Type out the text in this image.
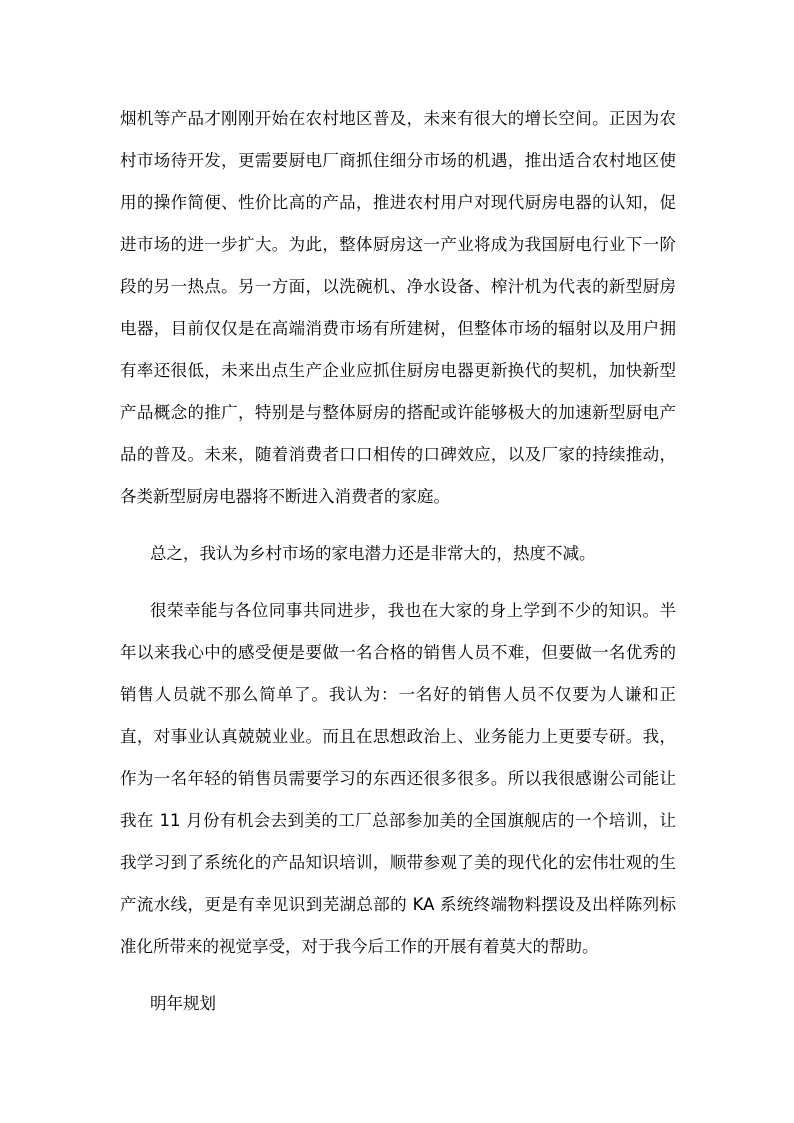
烟机等产品才刚刚开始在农村地区普及，未来有很大的增长空间。正因为农村市场待开发，更需要厨电厂商抓住细分市场的机遇，推出适合农村地区使用的操作简便、性价比高的产品，推进农村用户对现代厨房电器的认知，促进市场的进一步扩大。为此，整体厨房这一产业将成为我国厨电行业下一阶段的另一热点。另一方面，以洗碗机、净水设备、榨汁机为代表的新型厨房电器，目前仅仅是在高端消费市场有所建树，但整体市场的辐射以及用户拥有率还很低，未来出点生产企业应抓住厨房电器更新换代的契机，加快新型产品概念的推广，特别是与整体厨房的搭配或许能够极大的加速新型厨电产品的普及。未来，随着消费者口口相传的口碑效应，以及厂家的持续推动，各类新型厨房电器将不断进入消费者的家庭。

总之，我认为乡村市场的家电潜力还是非常大的，热度不减。

很荣幸能与各位同事共同进步，我也在大家的身上学到不少的知识。半年以来我心中的感受便是要做一名合格的销售人员不难，但要做一名优秀的销售人员就不那么简单了。我认为：一名好的销售人员不仅要为人谦和正直，对事业认真兢兢业业。而且在思想政治上、业务能力上更要专研。我，作为一名年轻的销售员需要学习的东西还很多很多。所以我很感谢公司能让我在 11 月份有机会去到美的工厂总部参加美的全国旗舰店的一个培训，让我学习到了系统化的产品知识培训，顺带参观了美的现代化的宏伟壮观的生产流水线，更是有幸见识到芜湖总部的 KA 系统终端物料摆设及出样陈列标准化所带来的视觉享受，对于我今后工作的开展有着莫大的帮助。

明年规划
